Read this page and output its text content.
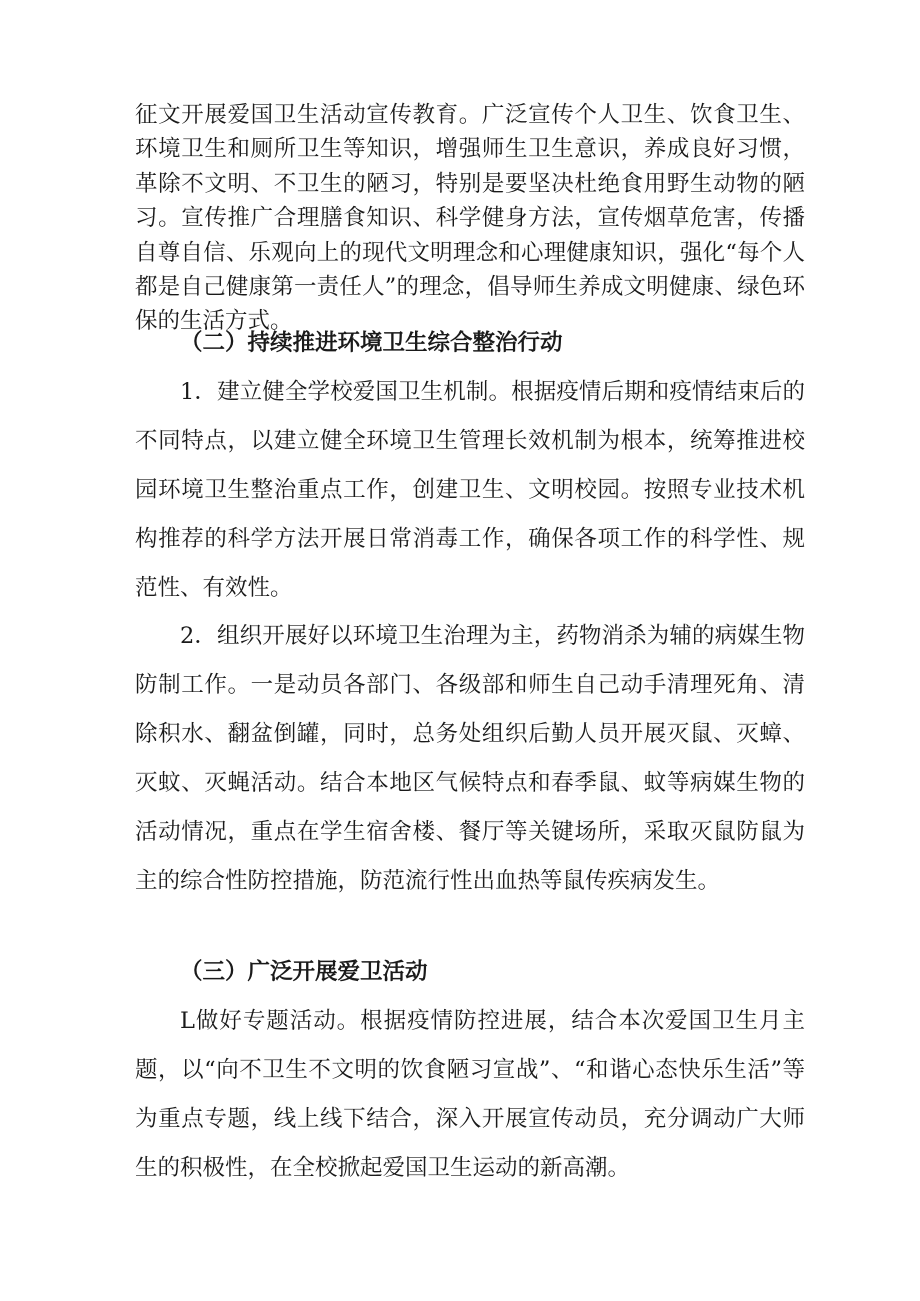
征文开展爱国卫生活动宣传教育。广泛宣传个人卫生、饮食卫生、环境卫生和厕所卫生等知识，增强师生卫生意识，养成良好习惯，革除不文明、不卫生的陋习，特别是要坚决杜绝食用野生动物的陋习。宣传推广合理膳食知识、科学健身方法，宣传烟草危害，传播自尊自信、乐观向上的现代文明理念和心理健康知识，强化“每个人都是自己健康第一责任人”的理念，倡导师生养成文明健康、绿色环保的生活方式。

（二）持续推进环境卫生综合整治行动

1．建立健全学校爱国卫生机制。根据疫情后期和疫情结束后的不同特点，以建立健全环境卫生管理长效机制为根本，统筹推进校园环境卫生整治重点工作，创建卫生、文明校园。按照专业技术机构推荐的科学方法开展日常消毒工作，确保各项工作的科学性、规范性、有效性。

2．组织开展好以环境卫生治理为主，药物消杀为辅的病媒生物防制工作。一是动员各部门、各级部和师生自己动手清理死角、清除积水、翻盆倒罐，同时，总务处组织后勤人员开展灭鼠、灭蟑、灭蚊、灭蝇活动。结合本地区气候特点和春季鼠、蚊等病媒生物的活动情况，重点在学生宿舍楼、餐厅等关键场所，采取灭鼠防鼠为主的综合性防控措施，防范流行性出血热等鼠传疾病发生。

（三）广泛开展爱卫活动

L做好专题活动。根据疫情防控进展，结合本次爱国卫生月主题，以“向不卫生不文明的饮食陋习宣战”、“和谐心态快乐生活”等为重点专题，线上线下结合，深入开展宣传动员，充分调动广大师生的积极性，在全校掀起爱国卫生运动的新高潮。
